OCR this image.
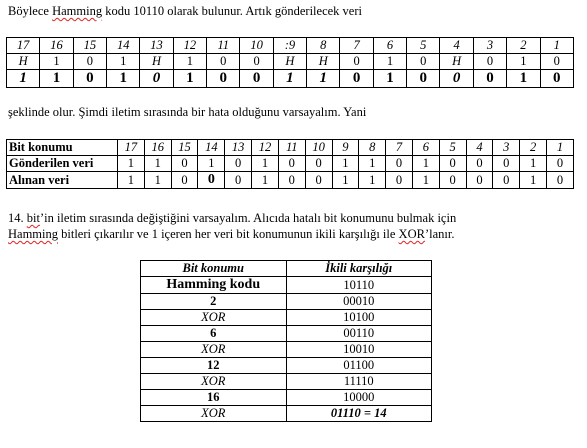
Böylece Hamming kodu 10110 olarak bulunur. Artık gönderilecek veri

17	16	15	14	13	12	11	10	:9	8	7	6	5	4	3	2	1
H	1	0	1	H	1	0	0	H	H	0	1	0	H	0	1	0
1	1	0	1	0	1	0	0	1	1	0	1	0	0	0	1	0

şeklinde olur. Şimdi iletim sırasında bir hata olduğunu varsayalım. Yani

Bit konumu	17	16	15	14	13	12	11	10	9	8	7	6	5	4	3	2	1
Gönderilen veri	1	1	0	1	0	1	0	0	1	1	0	1	0	0	0	1	0
Alınan veri	1	1	0	0	0	1	0	0	1	1	0	1	0	0	0	1	0

14. bit’in iletim sırasında değiştiğini varsayalım. Alıcıda hatalı bit konumunu bulmak için
Hamming bitleri çıkarılır ve 1 içeren her veri bit konumunun ikili karşılığı ile XOR’lanır.

Bit konumu	İkili karşılığı
Hamming kodu	10110
2	00010
XOR	10100
6	00110
XOR	10010
12	01100
XOR	11110
16	10000
XOR	01110 = 14
